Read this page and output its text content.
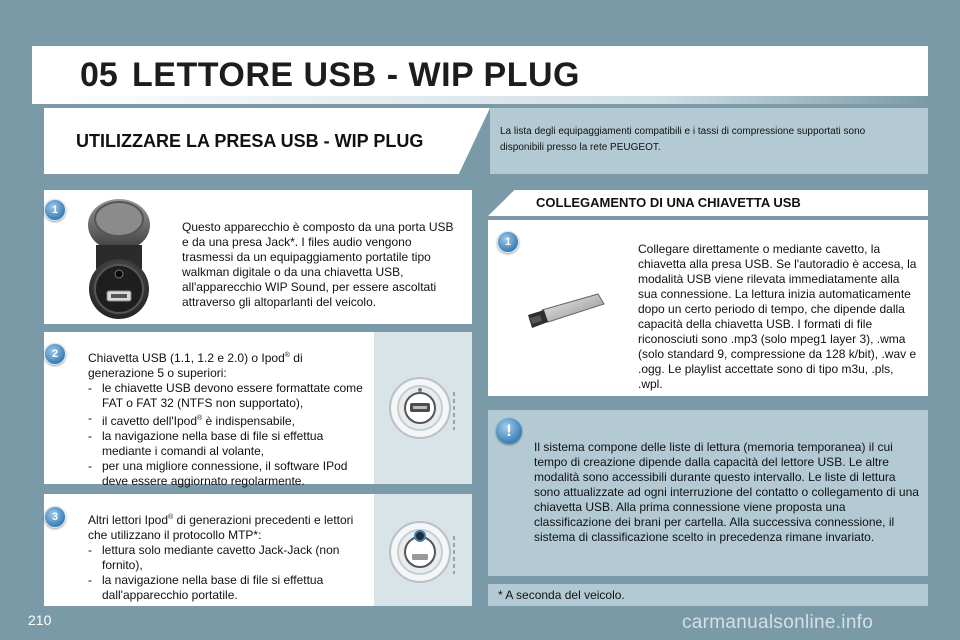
05 LETTORE USB - WIP PLUG
UTILIZZARE LA PRESA USB - WIP PLUG	La lista degli equipaggiamenti compatibili e i tassi di compressione supportati sono disponibili presso la rete PEUGEOT.
1
Questo apparecchio è composto da una porta USB e da una presa Jack*. I files audio vengono trasmessi da un equipaggiamento portatile tipo walkman digitale o da una chiavetta USB, all'apparecchio WIP Sound, per essere ascoltati attraverso gli altoparlanti del veicolo.
2	Chiavetta USB (1.1, 1.2 e 2.0) o Ipod® di generazione 5 o superiori:
- le chiavette USB devono essere formattate come FAT o FAT 32 (NTFS non supportato),
- il cavetto dell'Ipod® è indispensabile,
- la navigazione nella base di file si effettua mediante i comandi al volante,
- per una migliore connessione, il software IPod deve essere aggiornato regolarmente.
3	Altri lettori Ipod® di generazioni precedenti e lettori che utilizzano il protocollo MTP*:
- lettura solo mediante cavetto Jack-Jack (non fornito),
- la navigazione nella base di file si effettua dall'apparecchio portatile.
COLLEGAMENTO DI UNA CHIAVETTA USB
1	Collegare direttamente o mediante cavetto, la chiavetta alla presa USB. Se l'autoradio è accesa, la modalità USB viene rilevata immediatamente alla sua connessione. La lettura inizia automaticamente dopo un certo periodo di tempo, che dipende dalla capacità della chiavetta USB. I formati di file riconosciuti sono .mp3 (solo mpeg1 layer 3), .wma (solo standard 9, compressione da 128 k/bit), .wav e .ogg. Le playlist accettate sono di tipo m3u, .pls, .wpl.
!
Il sistema compone delle liste di lettura (memoria temporanea) il cui tempo di creazione dipende dalla capacità del lettore USB. Le altre modalità sono accessibili durante questo intervallo. Le liste di lettura sono attualizzate ad ogni interruzione del contatto o collegamento di una chiavetta USB. Alla prima connessione viene proposta una classificazione dei brani per cartella. Alla successiva connessione, il sistema di classificazione scelto in precedenza rimane invariato.
* A seconda del veicolo.
210	carmanualsonline.info
